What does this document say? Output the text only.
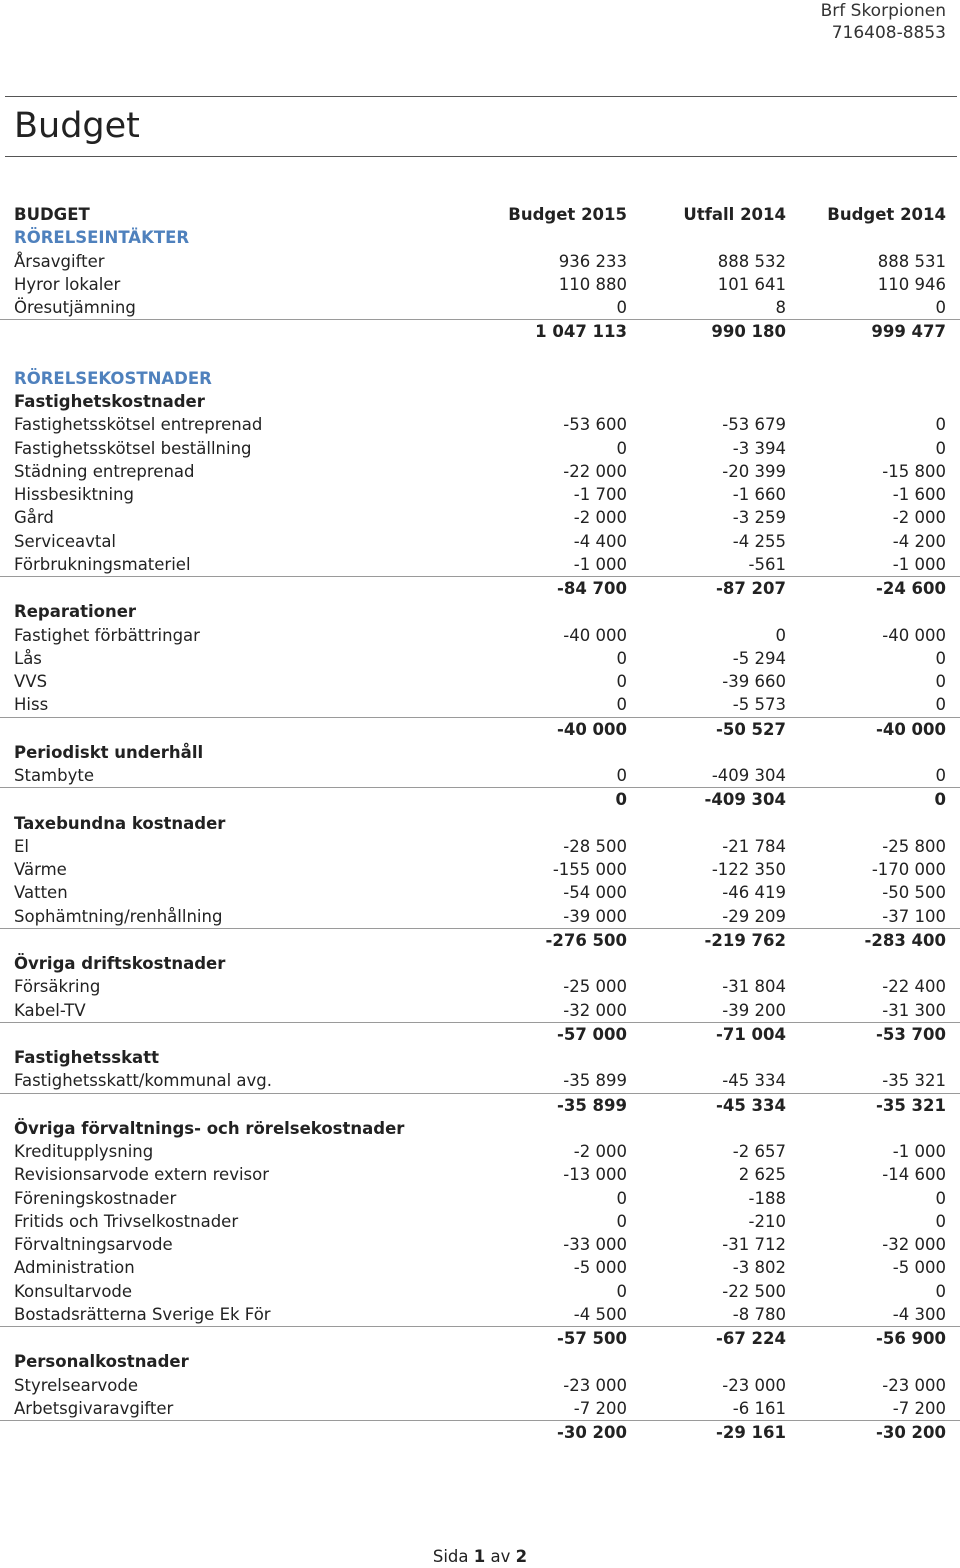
Brf Skorpionen
716408-8853
Budget
BUDGET	Budget 2015	Utfall 2014	Budget 2014
RÖRELSEINTÄKTER
Årsavgifter	936 233	888 532	888 531
Hyror lokaler	110 880	101 641	110 946
Öresutjämning	0	8	0
1 047 113	990 180	999 477
RÖRELSEKOSTNADER
Fastighetskostnader
Fastighetsskötsel entreprenad	-53 600	-53 679	0
Fastighetsskötsel beställning	0	-3 394	0
Städning entreprenad	-22 000	-20 399	-15 800
Hissbesiktning	-1 700	-1 660	-1 600
Gård	-2 000	-3 259	-2 000
Serviceavtal	-4 400	-4 255	-4 200
Förbrukningsmateriel	-1 000	-561	-1 000
-84 700	-87 207	-24 600
Reparationer
Fastighet förbättringar	-40 000	0	-40 000
Lås	0	-5 294	0
VVS	0	-39 660	0
Hiss	0	-5 573	0
-40 000	-50 527	-40 000
Periodiskt underhåll
Stambyte	0	-409 304	0
0	-409 304	0
Taxebundna kostnader
El	-28 500	-21 784	-25 800
Värme	-155 000	-122 350	-170 000
Vatten	-54 000	-46 419	-50 500
Sophämtning/renhållning	-39 000	-29 209	-37 100
-276 500	-219 762	-283 400
Övriga driftskostnader
Försäkring	-25 000	-31 804	-22 400
Kabel-TV	-32 000	-39 200	-31 300
-57 000	-71 004	-53 700
Fastighetsskatt
Fastighetsskatt/kommunal avg.	-35 899	-45 334	-35 321
-35 899	-45 334	-35 321
Övriga förvaltnings- och rörelsekostnader
Kreditupplysning	-2 000	-2 657	-1 000
Revisionsarvode extern revisor	-13 000	2 625	-14 600
Föreningskostnader	0	-188	0
Fritids och Trivselkostnader	0	-210	0
Förvaltningsarvode	-33 000	-31 712	-32 000
Administration	-5 000	-3 802	-5 000
Konsultarvode	0	-22 500	0
Bostadsrätterna Sverige Ek För	-4 500	-8 780	-4 300
-57 500	-67 224	-56 900
Personalkostnader
Styrelsearvode	-23 000	-23 000	-23 000
Arbetsgivaravgifter	-7 200	-6 161	-7 200
-30 200	-29 161	-30 200
Sida 1 av 2
